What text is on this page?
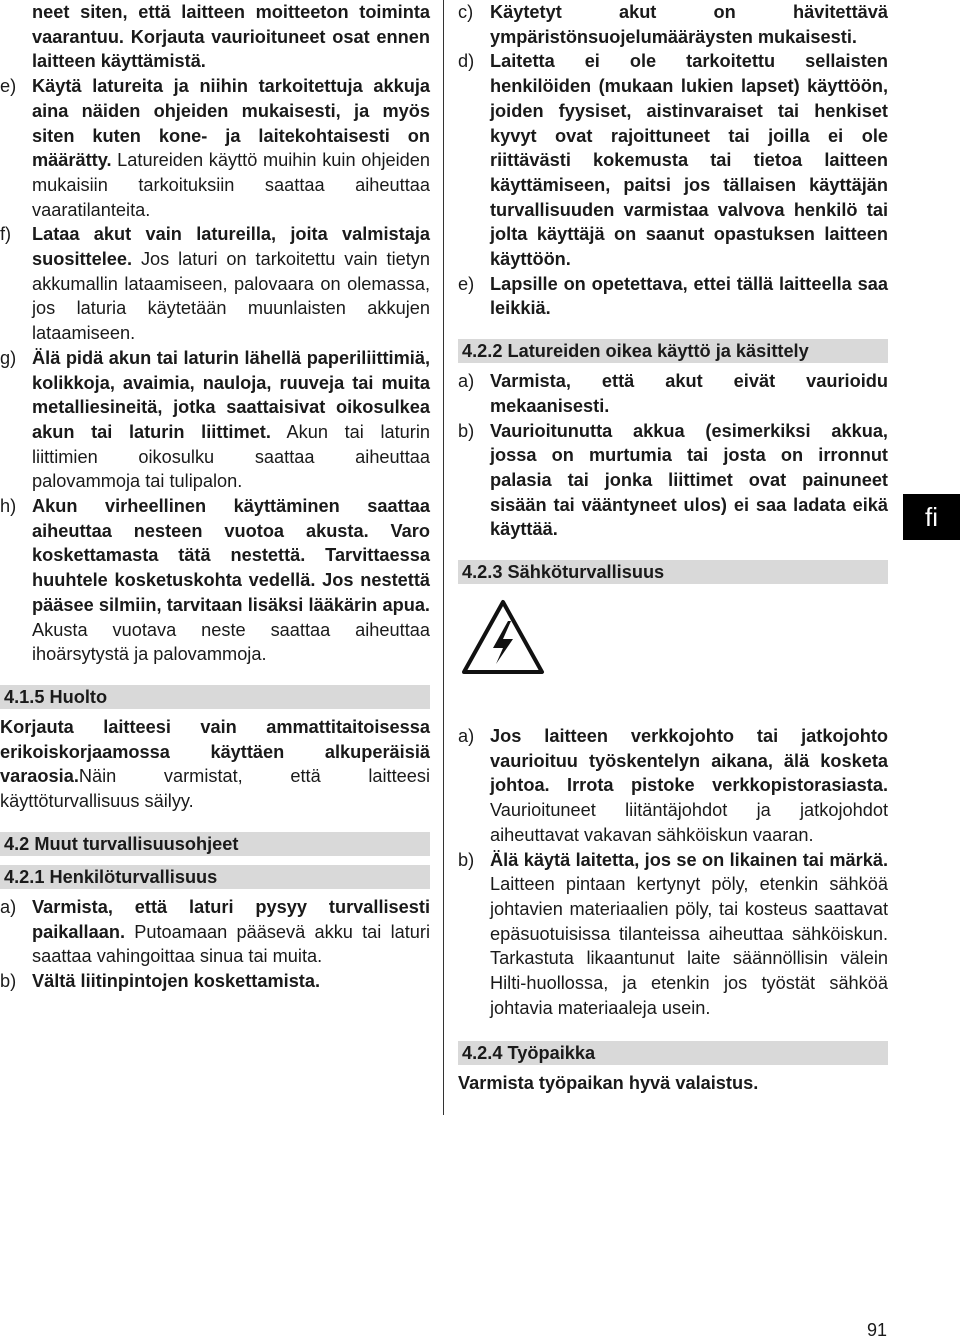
neet siten, että laitteen moitteeton toiminta vaarantuu. Korjauta vaurioituneet osat ennen laitteen käyttämistä.
e) Käytä latureita ja niihin tarkoitettuja akkuja aina näiden ohjeiden mukaisesti, ja myös siten kuten kone- ja laitekohtaisesti on määrätty. Latureiden käyttö muihin kuin ohjeiden mukaisiin tarkoituksiin saattaa aiheuttaa vaaratilanteita.
f) Lataa akut vain latureilla, joita valmistaja suosittelee. Jos laturi on tarkoitettu vain tietyn akkumallin lataamiseen, palovaara on olemassa, jos laturia käytetään muunlaisten akkujen lataamiseen.
g) Älä pidä akun tai laturin lähellä paperiliittimiä, kolikkoja, avaimia, nauloja, ruuveja tai muita metalliesineitä, jotka saattaisivat oikosulkea akun tai laturin liittimet. Akun tai laturin liittimien oikosulku saattaa aiheuttaa palovammoja tai tulipalon.
h) Akun virheellinen käyttäminen saattaa aiheuttaa nesteen vuotoa akusta. Varo koskettamasta tätä nestettä. Tarvittaessa huuhtele kosketuskohta vedellä. Jos nestettä pääsee silmiin, tarvitaan lisäksi lääkärin apua. Akusta vuotava neste saattaa aiheuttaa ihoärsytystä ja palovammoja.
4.1.5 Huolto
Korjauta laitteesi vain ammattitaitoisessa erikoiskorjaamossa käyttäen alkuperäisiä varaosia.Näin varmistat, että laitteesi käyttöturvallisuus säilyy.
4.2 Muut turvallisuusohjeet
4.2.1 Henkilöturvallisuus
a) Varmista, että laturi pysyy turvallisesti paikallaan. Putoamaan pääsevä akku tai laturi saattaa vahingoittaa sinua tai muita.
b) Vältä liitinpintojen koskettamista.
c) Käytetyt akut on hävitettävä ympäristönsuojelumääräysten mukaisesti.
d) Laitetta ei ole tarkoitettu sellaisten henkilöiden (mukaan lukien lapset) käyttöön, joiden fyysiset, aistinvaraiset tai henkiset kyvyt ovat rajoittuneet tai joilla ei ole riittävästi kokemusta tai tietoa laitteen käyttämiseen, paitsi jos tällaisen käyttäjän turvallisuuden varmistaa valvova henkilö tai jolta käyttäjä on saanut opastuksen laitteen käyttöön.
e) Lapsille on opetettava, ettei tällä laitteella saa leikkiä.
4.2.2 Latureiden oikea käyttö ja käsittely
a) Varmista, että akut eivät vaurioidu mekaanisesti.
b) Vaurioitunutta akkua (esimerkiksi akkua, jossa on murtumia tai josta on irronnut palasia tai jonka liittimet ovat painuneet sisään tai vääntyneet ulos) ei saa ladata eikä käyttää.
4.2.3 Sähköturvallisuus
a) Jos laitteen verkkojohto tai jatkojohto vaurioituu työskentelyn aikana, älä kosketa johtoa. Irrota pistoke verkkopistorasiasta. Vaurioituneet liitäntäjohdot ja jatkojohdot aiheuttavat vakavan sähköiskun vaaran.
b) Älä käytä laitetta, jos se on likainen tai märkä. Laitteen pintaan kertynyt pöly, etenkin sähköä johtavien materiaalien pöly, tai kosteus saattavat epäsuotuisissa tilanteissa aiheuttaa sähköiskun. Tarkastuta likaantunut laite säännöllisin välein Hilti-huollossa, ja etenkin jos työstät sähköä johtavia materiaaleja usein.
4.2.4 Työpaikka
Varmista työpaikan hyvä valaistus.
fi
91
